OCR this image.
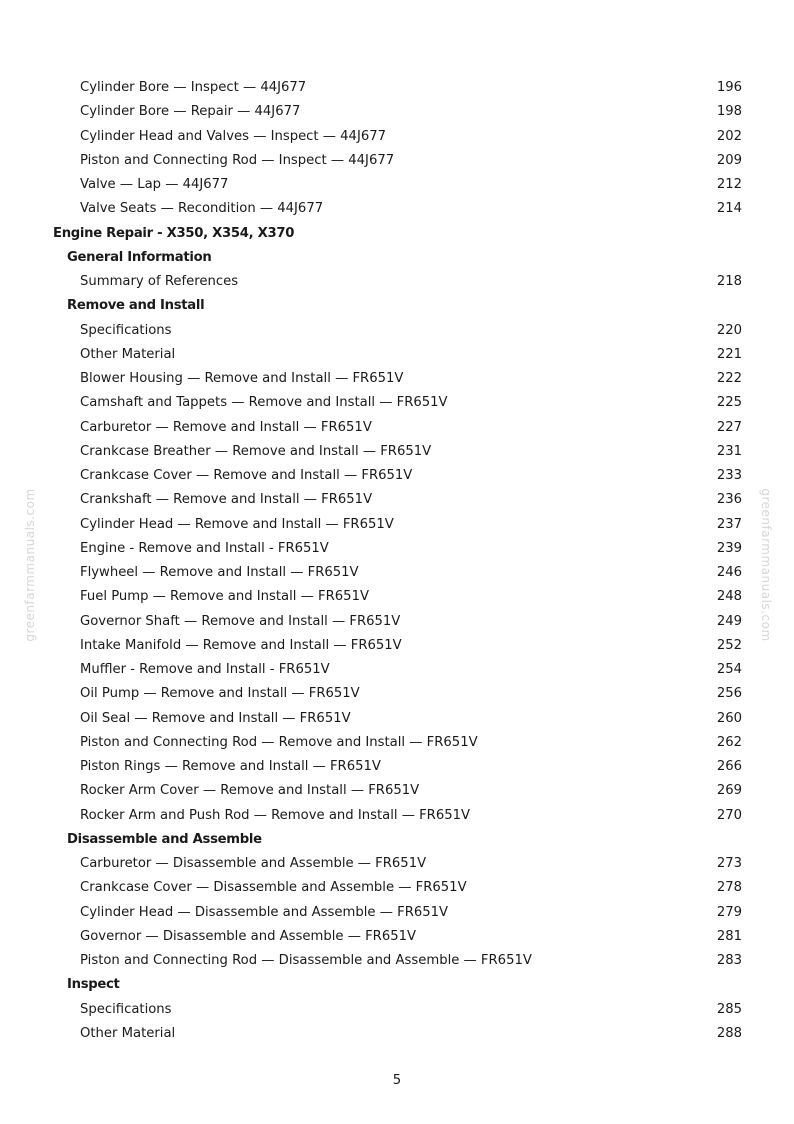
Cylinder Bore — Inspect — 44J677	196
Cylinder Bore — Repair — 44J677	198
Cylinder Head and Valves — Inspect — 44J677	202
Piston and Connecting Rod — Inspect — 44J677	209
Valve — Lap — 44J677	212
Valve Seats — Recondition — 44J677	214
Engine Repair - X350, X354, X370
General Information
Summary of References	218
Remove and Install
Specifications	220
Other Material	221
Blower Housing — Remove and Install — FR651V	222
Camshaft and Tappets — Remove and Install — FR651V	225
Carburetor — Remove and Install — FR651V	227
Crankcase Breather — Remove and Install — FR651V	231
Crankcase Cover — Remove and Install — FR651V	233
Crankshaft — Remove and Install — FR651V	236
Cylinder Head — Remove and Install — FR651V	237
Engine - Remove and Install - FR651V	239
Flywheel — Remove and Install — FR651V	246
Fuel Pump — Remove and Install — FR651V	248
Governor Shaft — Remove and Install — FR651V	249
Intake Manifold — Remove and Install — FR651V	252
Muffler - Remove and Install - FR651V	254
Oil Pump — Remove and Install — FR651V	256
Oil Seal — Remove and Install — FR651V	260
Piston and Connecting Rod — Remove and Install — FR651V	262
Piston Rings — Remove and Install — FR651V	266
Rocker Arm Cover — Remove and Install — FR651V	269
Rocker Arm and Push Rod — Remove and Install — FR651V	270
Disassemble and Assemble
Carburetor — Disassemble and Assemble — FR651V	273
Crankcase Cover — Disassemble and Assemble — FR651V	278
Cylinder Head — Disassemble and Assemble — FR651V	279
Governor — Disassemble and Assemble — FR651V	281
Piston and Connecting Rod — Disassemble and Assemble — FR651V	283
Inspect
Specifications	285
Other Material	288
5
greenfarmmanuals.com	greenfarmmanuals.com
